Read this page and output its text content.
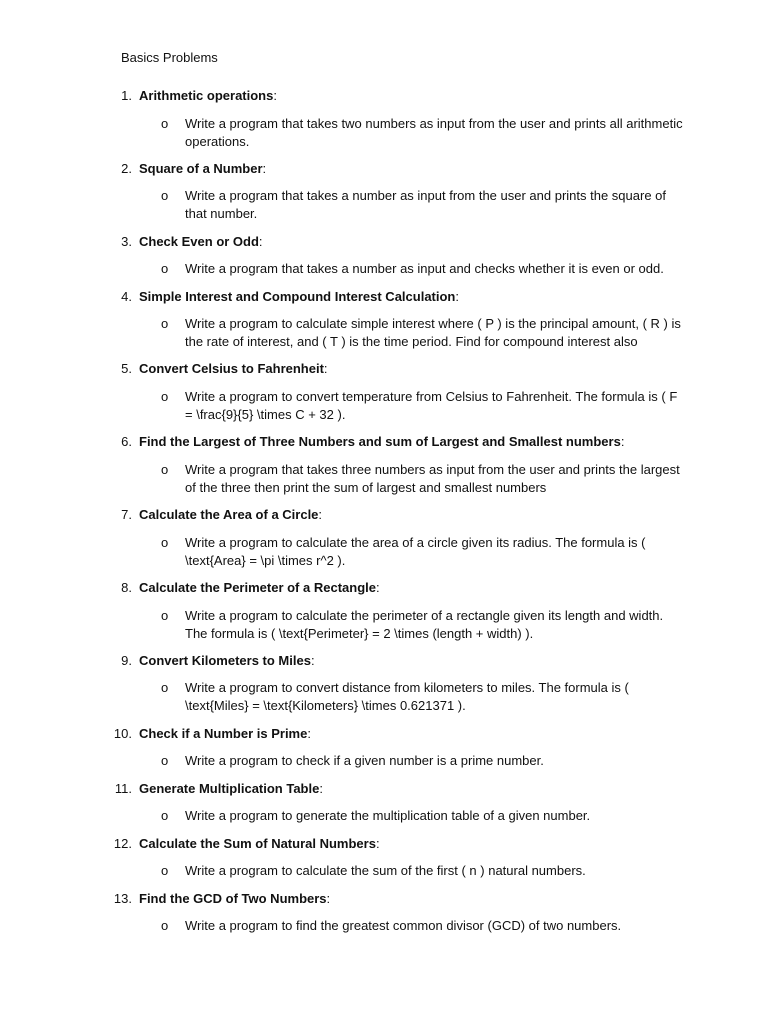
Basics Problems
1. Arithmetic operations:
o Write a program that takes two numbers as input from the user and prints all arithmetic operations.
2. Square of a Number:
o Write a program that takes a number as input from the user and prints the square of that number.
3. Check Even or Odd:
o Write a program that takes a number as input and checks whether it is even or odd.
4. Simple Interest and Compound Interest Calculation:
o Write a program to calculate simple interest where ( P ) is the principal amount, ( R ) is the rate of interest, and ( T ) is the time period. Find for compound interest also
5. Convert Celsius to Fahrenheit:
o Write a program to convert temperature from Celsius to Fahrenheit. The formula is ( F = \frac{9}{5} \times C + 32 ).
6. Find the Largest of Three Numbers and sum of Largest and Smallest numbers:
o Write a program that takes three numbers as input from the user and prints the largest of the three then print the sum of largest and smallest numbers
7. Calculate the Area of a Circle:
o Write a program to calculate the area of a circle given its radius. The formula is ( \text{Area} = \pi \times r^2 ).
8. Calculate the Perimeter of a Rectangle:
o Write a program to calculate the perimeter of a rectangle given its length and width. The formula is ( \text{Perimeter} = 2 \times (length + width) ).
9. Convert Kilometers to Miles:
o Write a program to convert distance from kilometers to miles. The formula is ( \text{Miles} = \text{Kilometers} \times 0.621371 ).
10. Check if a Number is Prime:
o Write a program to check if a given number is a prime number.
11. Generate Multiplication Table:
o Write a program to generate the multiplication table of a given number.
12. Calculate the Sum of Natural Numbers:
o Write a program to calculate the sum of the first ( n ) natural numbers.
13. Find the GCD of Two Numbers:
o Write a program to find the greatest common divisor (GCD) of two numbers.
